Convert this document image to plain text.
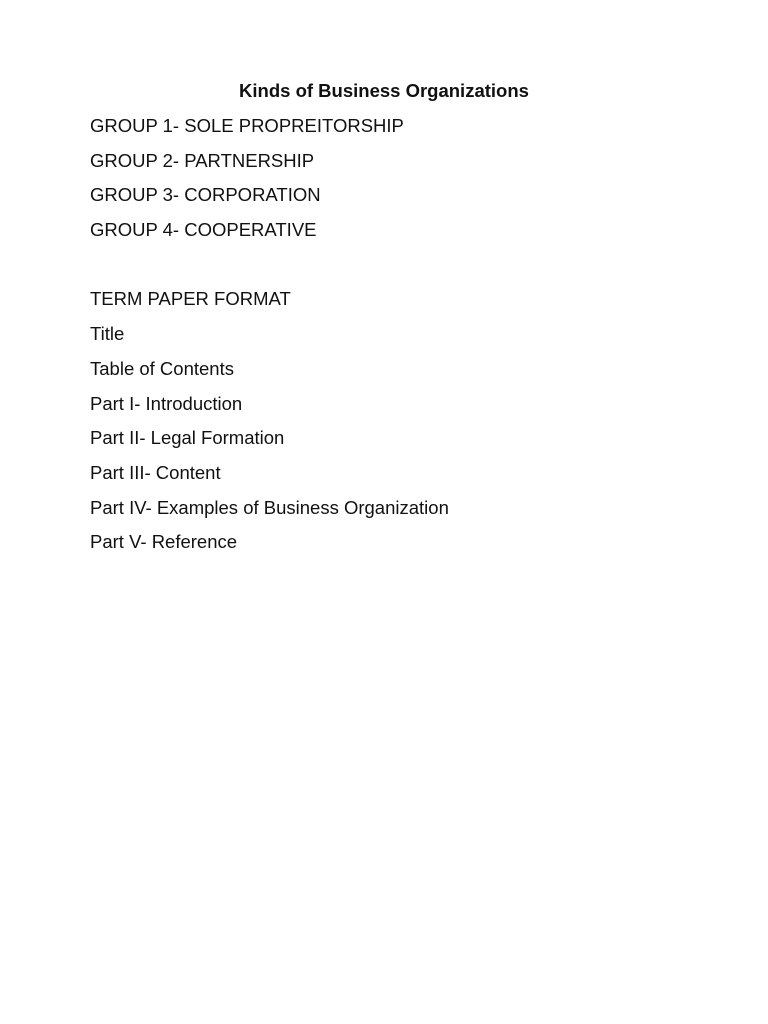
Kinds of Business Organizations
GROUP 1- SOLE PROPREITORSHIP
GROUP 2- PARTNERSHIP
GROUP 3- CORPORATION
GROUP 4- COOPERATIVE
TERM PAPER FORMAT
Title
Table of Contents
Part I- Introduction
Part II- Legal Formation
Part III- Content
Part IV- Examples of Business Organization
Part V- Reference
